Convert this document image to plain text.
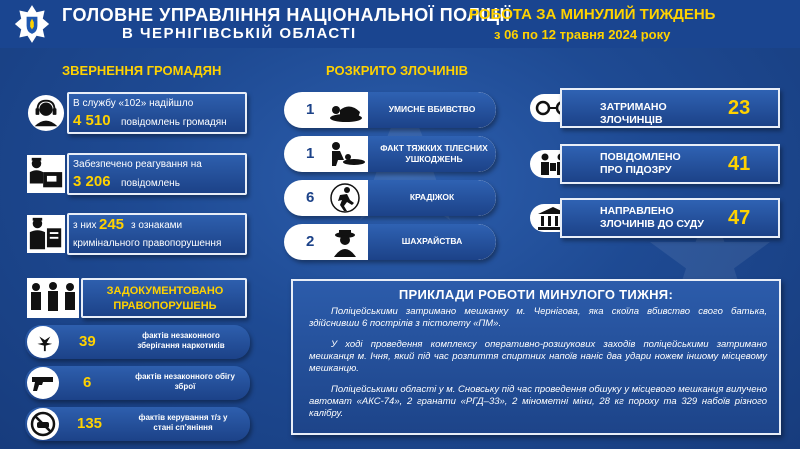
ГОЛОВНЕ УПРАВЛІННЯ НАЦІОНАЛЬНОЇ ПОЛІЦІЇ
В ЧЕРНІГІВСЬКІЙ ОБЛАСТІ
РОБОТА ЗА МИНУЛИЙ ТИЖДЕНЬ
з 06 по 12 травня 2024 року
ЗВЕРНЕННЯ ГРОМАДЯН
В службу «102» надійшло
4 510 повідомлень громадян
Забезпечено реагування на
3 206 повідомлень
з них 245 з ознаками
кримінального правопорушення
ЗАДОКУМЕНТОВАНО ПРАВОПОРУШЕНЬ
39	фактів незаконного зберігання наркотиків
6	фактів незаконного обігу зброї
135	фактів керування т/з у стані сп'яніння
РОЗКРИТО ЗЛОЧИНІВ
1	УМИСНЕ ВБИВСТВО
1	ФАКТ ТЯЖКИХ ТІЛЕСНИХ УШКОДЖЕНЬ
6	КРАДІЖОК
2	ШАХРАЙСТВА
ЗАТРИМАНО ЗЛОЧИНЦІВ
23
ПОВІДОМЛЕНО ПРО ПІДОЗРУ	41
НАПРАВЛЕНО ЗЛОЧИНІВ ДО СУДУ	47
ПРИКЛАДИ РОБОТИ МИНУЛОГО ТИЖНЯ:
Поліцейськими затримано мешканку м. Чернігова, яка скоїла вбивство свого батька, здійснивши 6 пострілів з пістолету «ПМ».
У ході проведення комплексу оперативно-розшукових заходів поліцейськими затримано мешканця м. Ічня, який під час розпиття спиртних напоїв наніс два удари ножем іншому місцевому мешканцю.
Поліцейськими області у м. Сновську під час проведення обшуку у місцевого мешканця вилучено автомат «АКС-74», 2 гранати «РГД–33», 2 мінометні міни, 28 кг пороху та 329 набоїв різного калібру.
